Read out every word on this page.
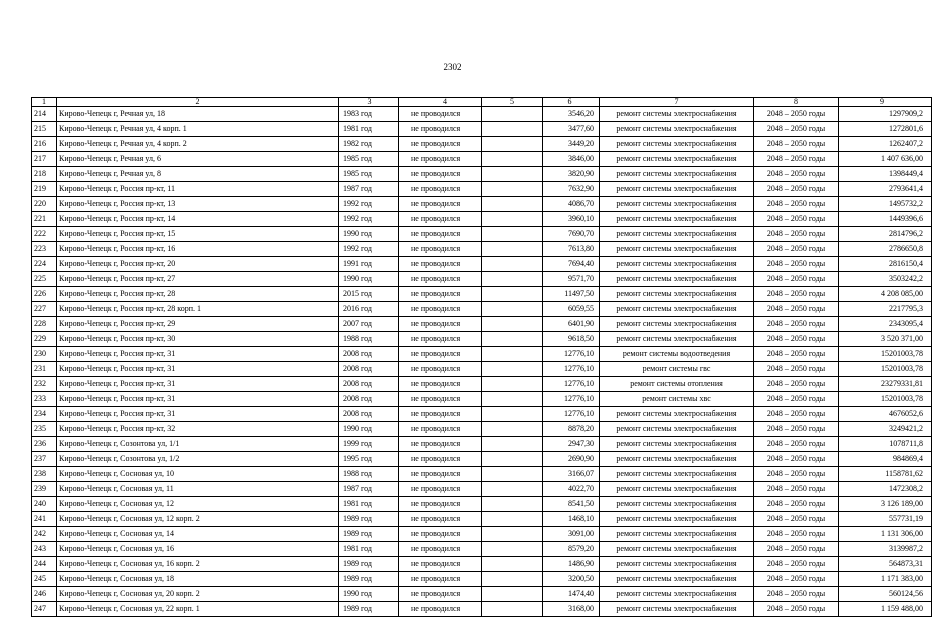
2302
1	2	3	4	5	6	7	8	9
214	Кирово-Чепецк г, Речная ул, 18	1983 год	не проводился		3546,20	ремонт системы электроснабжения	2048 – 2050 годы	1297909,2
215	Кирово-Чепецк г, Речная ул, 4 корп. 1	1981 год	не проводился		3477,60	ремонт системы электроснабжения	2048 – 2050 годы	1272801,6
216	Кирово-Чепецк г, Речная ул, 4 корп. 2	1982 год	не проводился		3449,20	ремонт системы электроснабжения	2048 – 2050 годы	1262407,2
217	Кирово-Чепецк г, Речная ул, 6	1985 год	не проводился		3846,00	ремонт системы электроснабжения	2048 – 2050 годы	1 407 636,00
218	Кирово-Чепецк г, Речная ул, 8	1985 год	не проводился		3820,90	ремонт системы электроснабжения	2048 – 2050 годы	1398449,4
219	Кирово-Чепецк г, Россия пр-кт, 11	1987 год	не проводился		7632,90	ремонт системы электроснабжения	2048 – 2050 годы	2793641,4
220	Кирово-Чепецк г, Россия пр-кт, 13	1992 год	не проводился		4086,70	ремонт системы электроснабжения	2048 – 2050 годы	1495732,2
221	Кирово-Чепецк г, Россия пр-кт, 14	1992 год	не проводился		3960,10	ремонт системы электроснабжения	2048 – 2050 годы	1449396,6
222	Кирово-Чепецк г, Россия пр-кт, 15	1990 год	не проводился		7690,70	ремонт системы электроснабжения	2048 – 2050 годы	2814796,2
223	Кирово-Чепецк г, Россия пр-кт, 16	1992 год	не проводился		7613,80	ремонт системы электроснабжения	2048 – 2050 годы	2786650,8
224	Кирово-Чепецк г, Россия пр-кт, 20	1991 год	не проводился		7694,40	ремонт системы электроснабжения	2048 – 2050 годы	2816150,4
225	Кирово-Чепецк г, Россия пр-кт, 27	1990 год	не проводился		9571,70	ремонт системы электроснабжения	2048 – 2050 годы	3503242,2
226	Кирово-Чепецк г, Россия пр-кт, 28	2015 год	не проводился		11497,50	ремонт системы электроснабжения	2048 – 2050 годы	4 208 085,00
227	Кирово-Чепецк г, Россия пр-кт, 28 корп. 1	2016 год	не проводился		6059,55	ремонт системы электроснабжения	2048 – 2050 годы	2217795,3
228	Кирово-Чепецк г, Россия пр-кт, 29	2007 год	не проводился		6401,90	ремонт системы электроснабжения	2048 – 2050 годы	2343095,4
229	Кирово-Чепецк г, Россия пр-кт, 30	1988 год	не проводился		9618,50	ремонт системы электроснабжения	2048 – 2050 годы	3 520 371,00
230	Кирово-Чепецк г, Россия пр-кт, 31	2008 год	не проводился		12776,10	ремонт системы водоотведения	2048 – 2050 годы	15201003,78
231	Кирово-Чепецк г, Россия пр-кт, 31	2008 год	не проводился		12776,10	ремонт системы гвс	2048 – 2050 годы	15201003,78
232	Кирово-Чепецк г, Россия пр-кт, 31	2008 год	не проводился		12776,10	ремонт системы отопления	2048 – 2050 годы	23279331,81
233	Кирово-Чепецк г, Россия пр-кт, 31	2008 год	не проводился		12776,10	ремонт системы хвс	2048 – 2050 годы	15201003,78
234	Кирово-Чепецк г, Россия пр-кт, 31	2008 год	не проводился		12776,10	ремонт системы электроснабжения	2048 – 2050 годы	4676052,6
235	Кирово-Чепецк г, Россия пр-кт, 32	1990 год	не проводился		8878,20	ремонт системы электроснабжения	2048 – 2050 годы	3249421,2
236	Кирово-Чепецк г, Созонтова ул, 1/1	1999 год	не проводился		2947,30	ремонт системы электроснабжения	2048 – 2050 годы	1078711,8
237	Кирово-Чепецк г, Созонтова ул, 1/2	1995 год	не проводился		2690,90	ремонт системы электроснабжения	2048 – 2050 годы	984869,4
238	Кирово-Чепецк г, Сосновая ул, 10	1988 год	не проводился		3166,07	ремонт системы электроснабжения	2048 – 2050 годы	1158781,62
239	Кирово-Чепецк г, Сосновая ул, 11	1987 год	не проводился		4022,70	ремонт системы электроснабжения	2048 – 2050 годы	1472308,2
240	Кирово-Чепецк г, Сосновая ул, 12	1981 год	не проводился		8541,50	ремонт системы электроснабжения	2048 – 2050 годы	3 126 189,00
241	Кирово-Чепецк г, Сосновая ул, 12 корп. 2	1989 год	не проводился		1468,10	ремонт системы электроснабжения	2048 – 2050 годы	557731,19
242	Кирово-Чепецк г, Сосновая ул, 14	1989 год	не проводился		3091,00	ремонт системы электроснабжения	2048 – 2050 годы	1 131 306,00
243	Кирово-Чепецк г, Сосновая ул, 16	1981 год	не проводился		8579,20	ремонт системы электроснабжения	2048 – 2050 годы	3139987,2
244	Кирово-Чепецк г, Сосновая ул, 16 корп. 2	1989 год	не проводился		1486,90	ремонт системы электроснабжения	2048 – 2050 годы	564873,31
245	Кирово-Чепецк г, Сосновая ул, 18	1989 год	не проводился		3200,50	ремонт системы электроснабжения	2048 – 2050 годы	1 171 383,00
246	Кирово-Чепецк г, Сосновая ул, 20 корп. 2	1990 год	не проводился		1474,40	ремонт системы электроснабжения	2048 – 2050 годы	560124,56
247	Кирово-Чепецк г, Сосновая ул, 22 корп. 1	1989 год	не проводился		3168,00	ремонт системы электроснабжения	2048 – 2050 годы	1 159 488,00
